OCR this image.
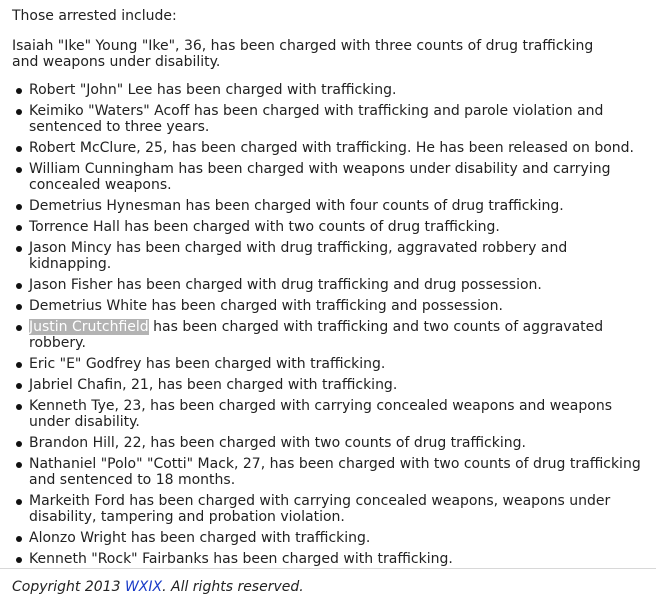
Those arrested include:

Isaiah "Ike" Young "Ike", 36, has been charged with three counts of drug trafficking and weapons under disability.

Robert "John" Lee has been charged with trafficking.
Keimiko "Waters" Acoff has been charged with trafficking and parole violation and sentenced to three years.
Robert McClure, 25, has been charged with trafficking. He has been released on bond.
William Cunningham has been charged with weapons under disability and carrying concealed weapons.
Demetrius Hynesman has been charged with four counts of drug trafficking.
Torrence Hall has been charged with two counts of drug trafficking.
Jason Mincy has been charged with drug trafficking, aggravated robbery and kidnapping.
Jason Fisher has been charged with drug trafficking and drug possession.
Demetrius White has been charged with trafficking and possession.
Justin Crutchfield has been charged with trafficking and two counts of aggravated robbery.
Eric "E" Godfrey has been charged with trafficking.
Jabriel Chafin, 21, has been charged with trafficking.
Kenneth Tye, 23, has been charged with carrying concealed weapons and weapons under disability.
Brandon Hill, 22, has been charged with two counts of drug trafficking.
Nathaniel "Polo" "Cotti" Mack, 27, has been charged with two counts of drug trafficking and sentenced to 18 months.
Markeith Ford has been charged with carrying concealed weapons, weapons under disability, tampering and probation violation.
Alonzo Wright has been charged with trafficking.
Kenneth "Rock" Fairbanks has been charged with trafficking.

Copyright 2013 WXIX. All rights reserved.
